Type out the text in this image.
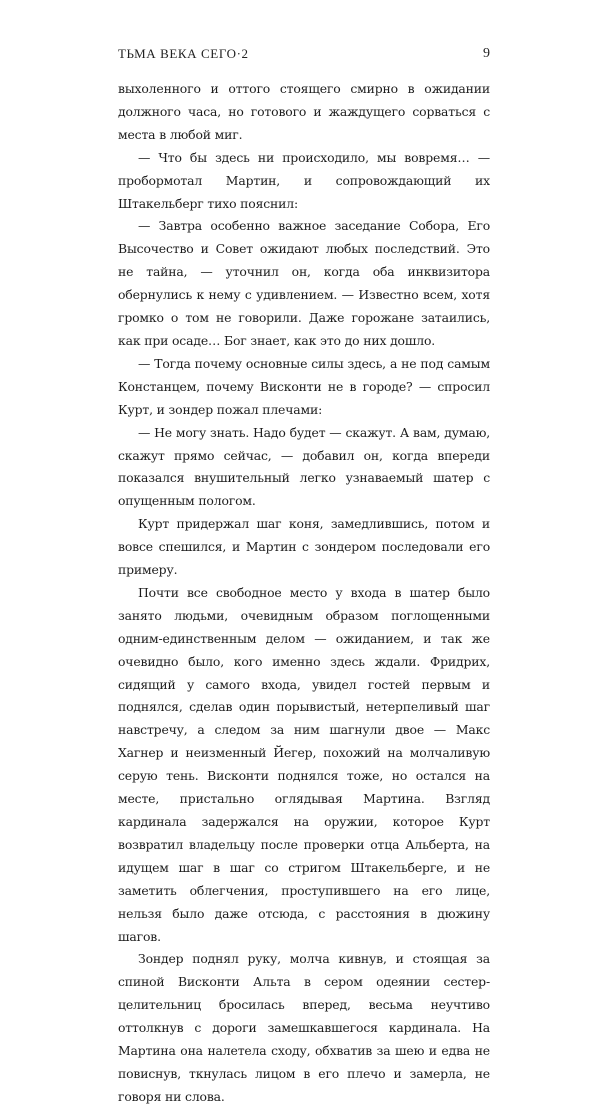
ТЬМА ВЕКА СЕГО·2	9

выхоленного и оттого стоящего смирно в ожидании должного часа, но готового и жаждущего сорваться с места в любой миг.

— Что бы здесь ни происходило, мы вовремя… — пробормотал Мартин, и сопровождающий их Штакельберг тихо пояснил:

— Завтра особенно важное заседание Собора, Его Высочество и Совет ожидают любых последствий. Это не тайна, — уточнил он, когда оба инквизитора обернулись к нему с удивлением. — Известно всем, хотя громко о том не говорили. Даже горожане затаились, как при осаде… Бог знает, как это до них дошло.

— Тогда почему основные силы здесь, а не под самым Констанцем, почему Висконти не в городе? — спросил Курт, и зондер пожал плечами:

— Не могу знать. Надо будет — скажут. А вам, думаю, скажут прямо сейчас, — добавил он, когда впереди показался внушительный легко узнаваемый шатер с опущенным пологом.

Курт придержал шаг коня, замедлившись, потом и вовсе спешился, и Мартин с зондером последовали его примеру.

Почти все свободное место у входа в шатер было занято людьми, очевидным образом поглощенными одним-единственным делом — ожиданием, и так же очевидно было, кого именно здесь ждали. Фридрих, сидящий у самого входа, увидел гостей первым и поднялся, сделав один порывистый, нетерпеливый шаг навстречу, а следом за ним шагнули двое — Макс Хагнер и неизменный Йегер, похожий на молчаливую серую тень. Висконти поднялся тоже, но остался на месте, пристально оглядывая Мартина. Взгляд кардинала задержался на оружии, которое Курт возвратил владельцу после проверки отца Альберта, на идущем шаг в шаг со стригом Штакельберге, и не заметить облегчения, проступившего на его лице, нельзя было даже отсюда, с расстояния в дюжину шагов.

Зондер поднял руку, молча кивнув, и стоящая за спиной Висконти Альта в сером одеянии сестер-целительниц бросилась вперед, весьма неучтиво оттолкнув с дороги замешкавшегося кардинала. На Мартина она налетела сходу, обхватив за шею и едва не повиснув, ткнулась лицом в его плечо и замерла, не говоря ни слова.
